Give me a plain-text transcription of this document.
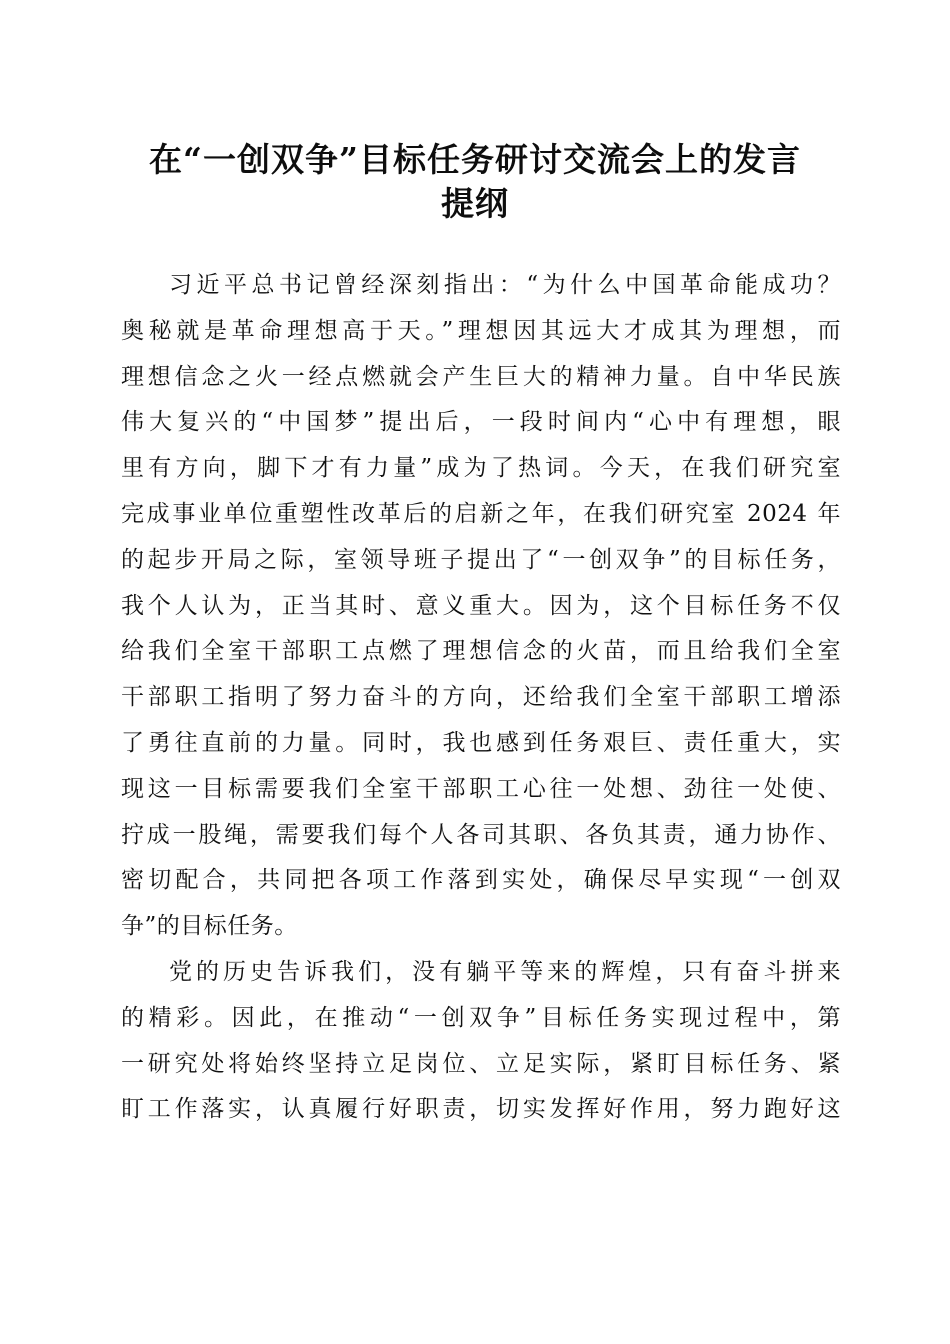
在“一创双争”目标任务研讨交流会上的发言
提纲
习近平总书记曾经深刻指出：“为什么中国革命能成功？
奥秘就是革命理想高于天。”理想因其远大才成其为理想，而
理想信念之火一经点燃就会产生巨大的精神力量。自中华民族
伟大复兴的“中国梦”提出后，一段时间内“心中有理想，眼
里有方向，脚下才有力量”成为了热词。今天，在我们研究室
完成事业单位重塑性改革后的启新之年，在我们研究室 2024 年
的起步开局之际，室领导班子提出了“一创双争”的目标任务，
我个人认为，正当其时、意义重大。因为，这个目标任务不仅
给我们全室干部职工点燃了理想信念的火苗，而且给我们全室
干部职工指明了努力奋斗的方向，还给我们全室干部职工增添
了勇往直前的力量。同时，我也感到任务艰巨、责任重大，实
现这一目标需要我们全室干部职工心往一处想、劲往一处使、
拧成一股绳，需要我们每个人各司其职、各负其责，通力协作、
密切配合，共同把各项工作落到实处，确保尽早实现“一创双
争”的目标任务。
党的历史告诉我们，没有躺平等来的辉煌，只有奋斗拼来
的精彩。因此，在推动“一创双争”目标任务实现过程中，第
一研究处将始终坚持立足岗位、立足实际，紧盯目标任务、紧
盯工作落实，认真履行好职责，切实发挥好作用，努力跑好这
